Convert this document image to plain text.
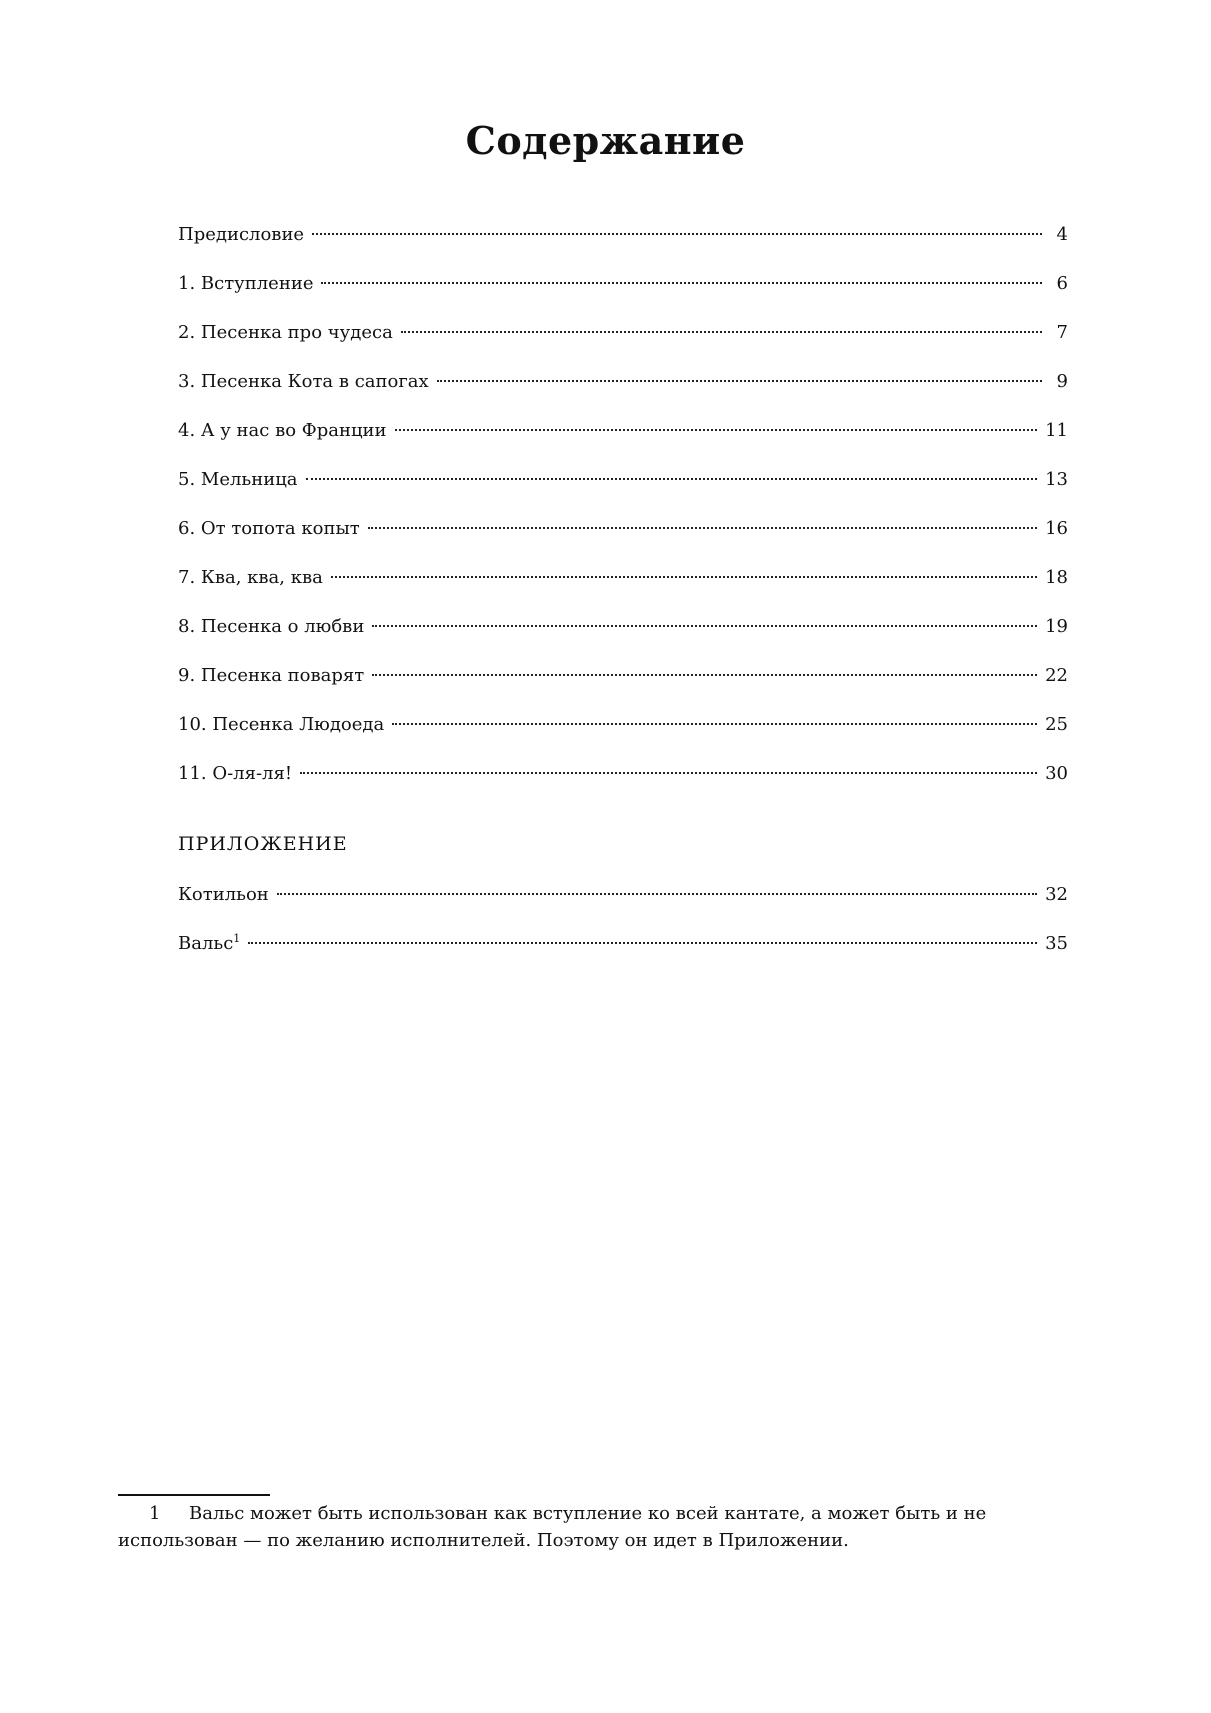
Содержание
Предисловие	4
1. Вступление	6
2. Песенка про чудеса	7
3. Песенка Кота в сапогах	9
4. А у нас во Франции	11
5. Мельница	13
6. От топота копыт	16
7. Ква, ква, ква	18
8. Песенка о любви	19
9. Песенка поварят	22
10. Песенка Людоеда	25
11. О-ля-ля!	30
ПРИЛОЖЕНИЕ
Котильон	32
Вальс$^1$	35

1 Вальс может быть использован как вступление ко всей кантате, а может быть и не использован — по желанию исполнителей. Поэтому он идет в Приложении.
